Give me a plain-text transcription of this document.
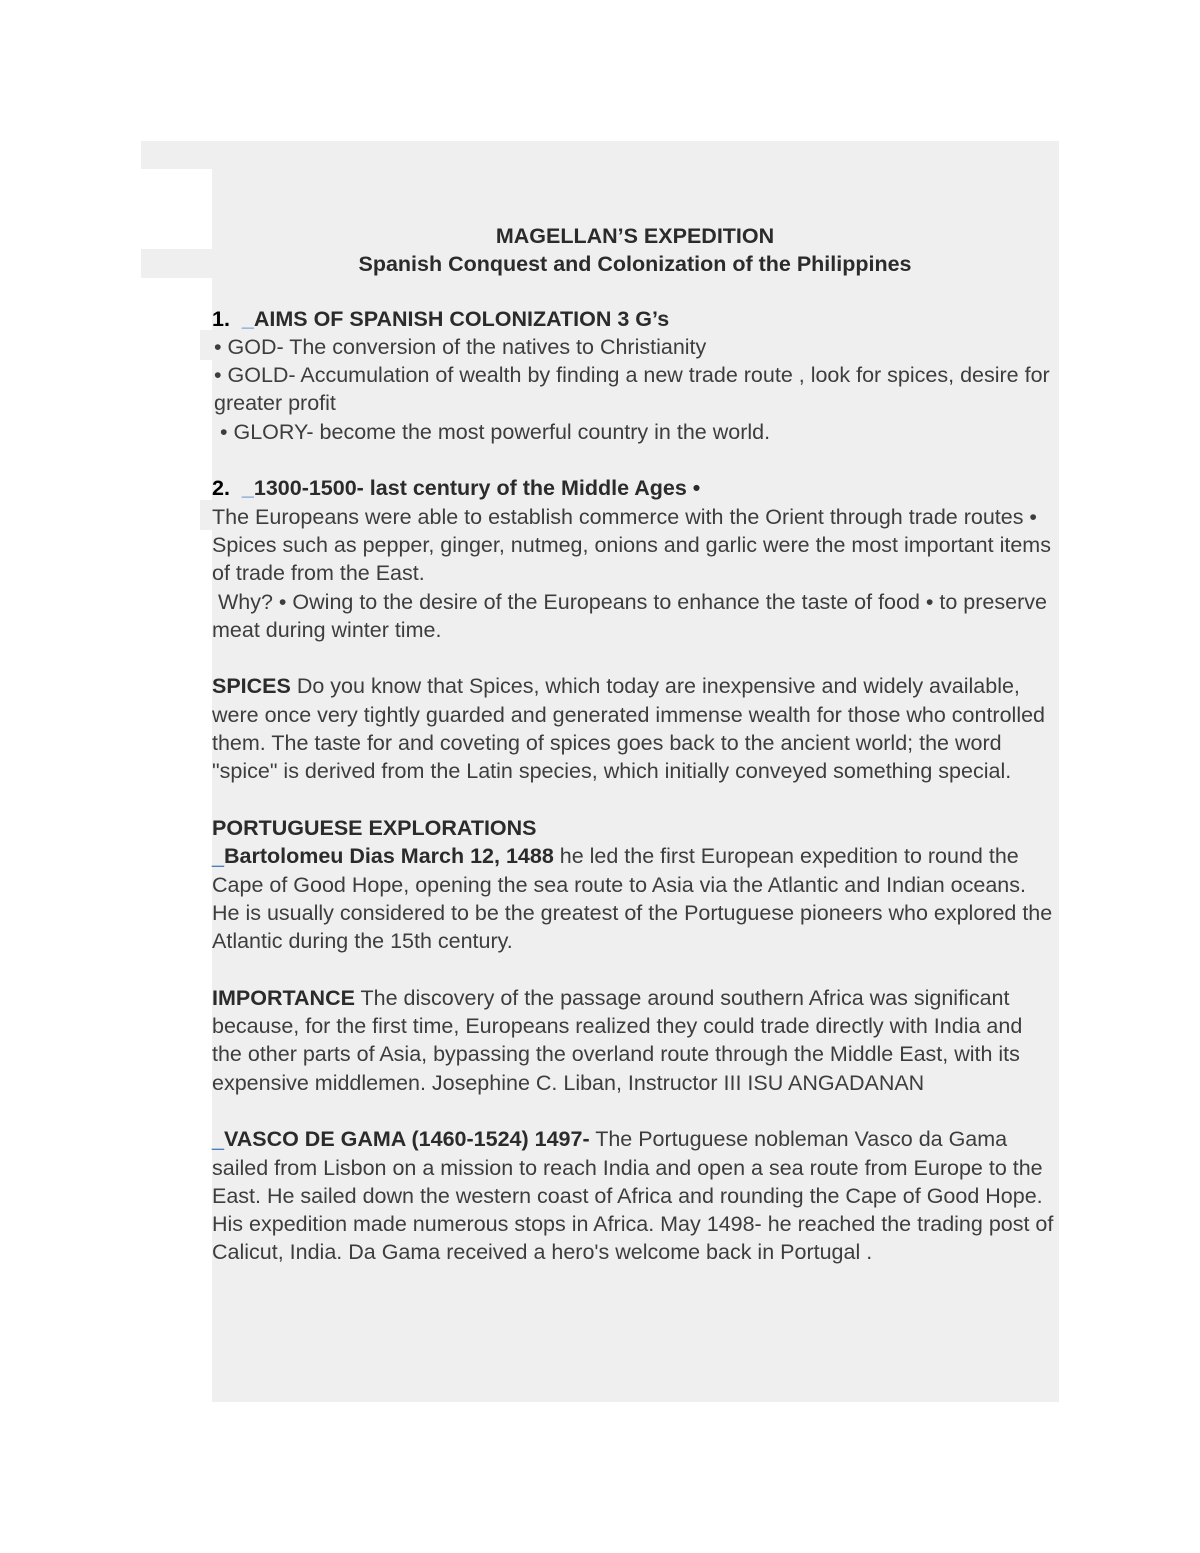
MAGELLAN’S EXPEDITION

Spanish Conquest and Colonization of the Philippines

1. _AIMS OF SPANISH COLONIZATION 3 G’s

• GOD- The conversion of the natives to Christianity

• GOLD- Accumulation of wealth by finding a new trade route , look for spices, desire for greater profit

• GLORY- become the most powerful country in the world.

2. _1300-1500- last century of the Middle Ages •

The Europeans were able to establish commerce with the Orient through trade routes • Spices such as pepper, ginger, nutmeg, onions and garlic were the most important items of trade from the East.

Why? • Owing to the desire of the Europeans to enhance the taste of food • to preserve meat during winter time.

SPICES Do you know that Spices, which today are inexpensive and widely available, were once very tightly guarded and generated immense wealth for those who controlled them. The taste for and coveting of spices goes back to the ancient world; the word "spice" is derived from the Latin species, which initially conveyed something special.

PORTUGUESE EXPLORATIONS

_Bartolomeu Dias March 12, 1488 he led the first European expedition to round the Cape of Good Hope, opening the sea route to Asia via the Atlantic and Indian oceans. He is usually considered to be the greatest of the Portuguese pioneers who explored the Atlantic during the 15th century.

IMPORTANCE The discovery of the passage around southern Africa was significant because, for the first time, Europeans realized they could trade directly with India and the other parts of Asia, bypassing the overland route through the Middle East, with its expensive middlemen. Josephine C. Liban, Instructor III ISU ANGADANAN

_VASCO DE GAMA (1460-1524) 1497- The Portuguese nobleman Vasco da Gama sailed from Lisbon on a mission to reach India and open a sea route from Europe to the East. He sailed down the western coast of Africa and rounding the Cape of Good Hope. His expedition made numerous stops in Africa. May 1498- he reached the trading post of Calicut, India. Da Gama received a hero's welcome back in Portugal .
